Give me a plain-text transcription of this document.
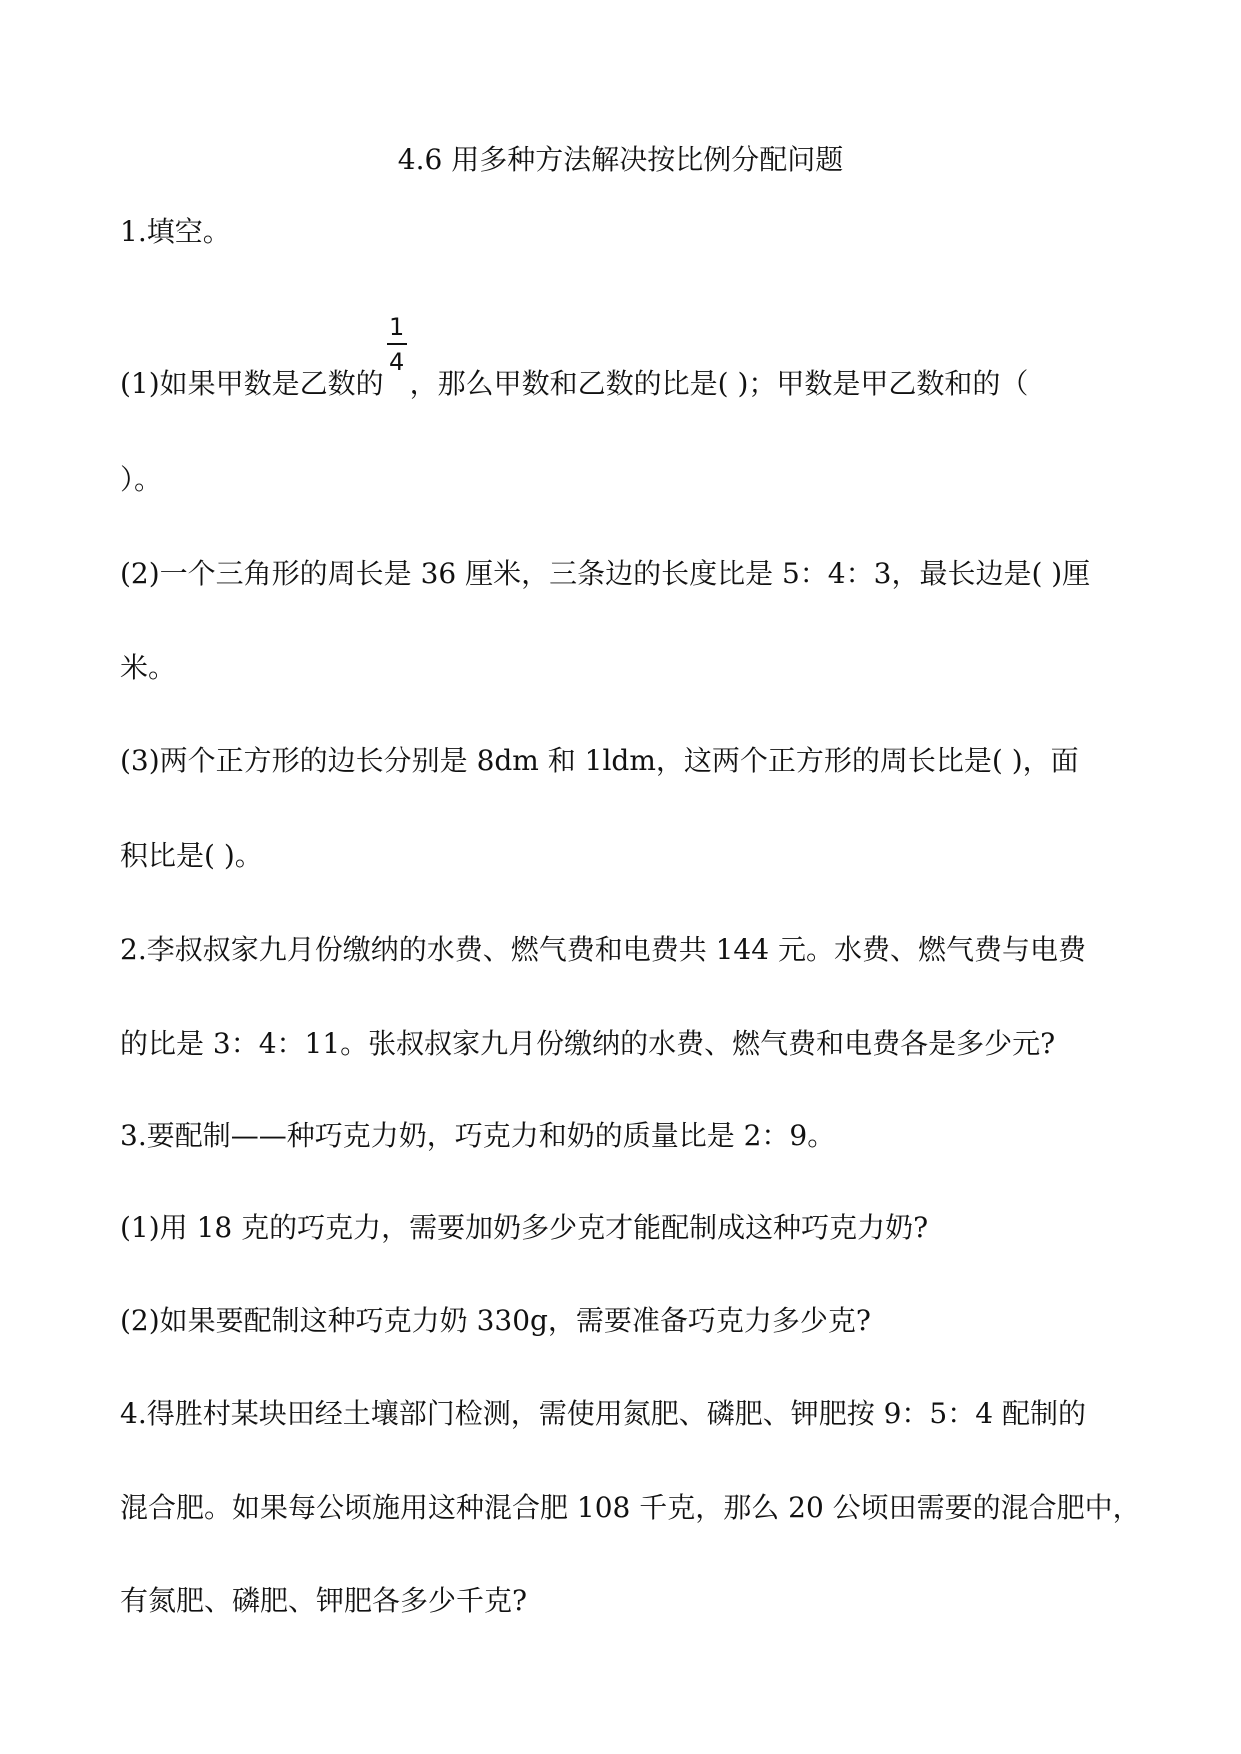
4.6 用多种方法解决按比例分配问题
1.填空。
(1)如果甲数是乙数的 $\frac{1}{4}$ ，那么甲数和乙数的比是( )；甲数是甲乙数和的（
）。
(2)一个三角形的周长是 36 厘米，三条边的长度比是 5：4：3，最长边是( )厘
米。
(3)两个正方形的边长分别是 8dm 和 1ldm，这两个正方形的周长比是( )，面
积比是( )。
2.李叔叔家九月份缴纳的水费、燃气费和电费共 144 元。水费、燃气费与电费
的比是 3：4：11。张叔叔家九月份缴纳的水费、燃气费和电费各是多少元?
3.要配制——种巧克力奶，巧克力和奶的质量比是 2：9。
(1)用 18 克的巧克力，需要加奶多少克才能配制成这种巧克力奶?
(2)如果要配制这种巧克力奶 330g，需要准备巧克力多少克?
4.得胜村某块田经土壤部门检测，需使用氮肥、磷肥、钾肥按 9：5：4 配制的
混合肥。如果每公顷施用这种混合肥 108 千克，那么 20 公顷田需要的混合肥中，
有氮肥、磷肥、钾肥各多少千克?
